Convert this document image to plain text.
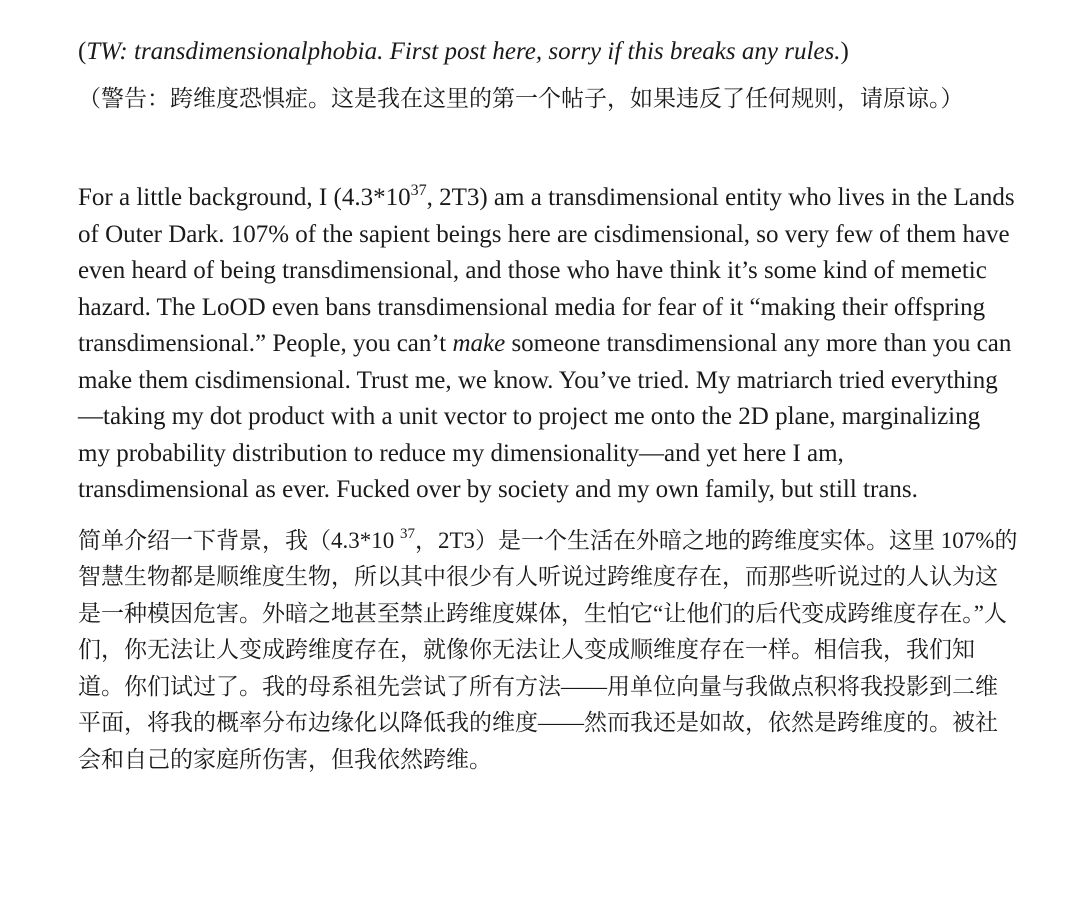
(TW: transdimensionalphobia. First post here, sorry if this breaks any rules.)

（警告：跨维度恐惧症。这是我在这里的第一个帖子，如果违反了任何规则，请原谅。）

For a little background, I ($4.3*10^{37}$, 2T3) am a transdimensional entity who lives in the Lands of Outer Dark. 107% of the sapient beings here are cisdimensional, so very few of them have even heard of being transdimensional, and those who have think it’s some kind of memetic hazard. The LoOD even bans transdimensional media for fear of it “making their offspring transdimensional.” People, you can’t make someone transdimensional any more than you can make them cisdimensional. Trust me, we know. You’ve tried. My matriarch tried everything—taking my dot product with a unit vector to project me onto the 2D plane, marginalizing my probability distribution to reduce my dimensionality—and yet here I am, transdimensional as ever. Fucked over by society and my own family, but still trans.

简单介绍一下背景，我（4.3*10 $^{37}$，2T3）是一个生活在外暗之地的跨维度实体。这里 107%的智慧生物都是顺维度生物，所以其中很少有人听说过跨维度存在，而那些听说过的人认为这是一种模因危害。外暗之地甚至禁止跨维度媒体，生怕它“让他们的后代变成跨维度存在。”人们，你无法让人变成跨维度存在，就像你无法让人变成顺维度存在一样。相信我，我们知道。你们试过了。我的母系祖先尝试了所有方法——用单位向量与我做点积将我投影到二维平面，将我的概率分布边缘化以降低我的维度——然而我还是如故，依然是跨维度的。被社会和自己的家庭所伤害，但我依然跨维。
